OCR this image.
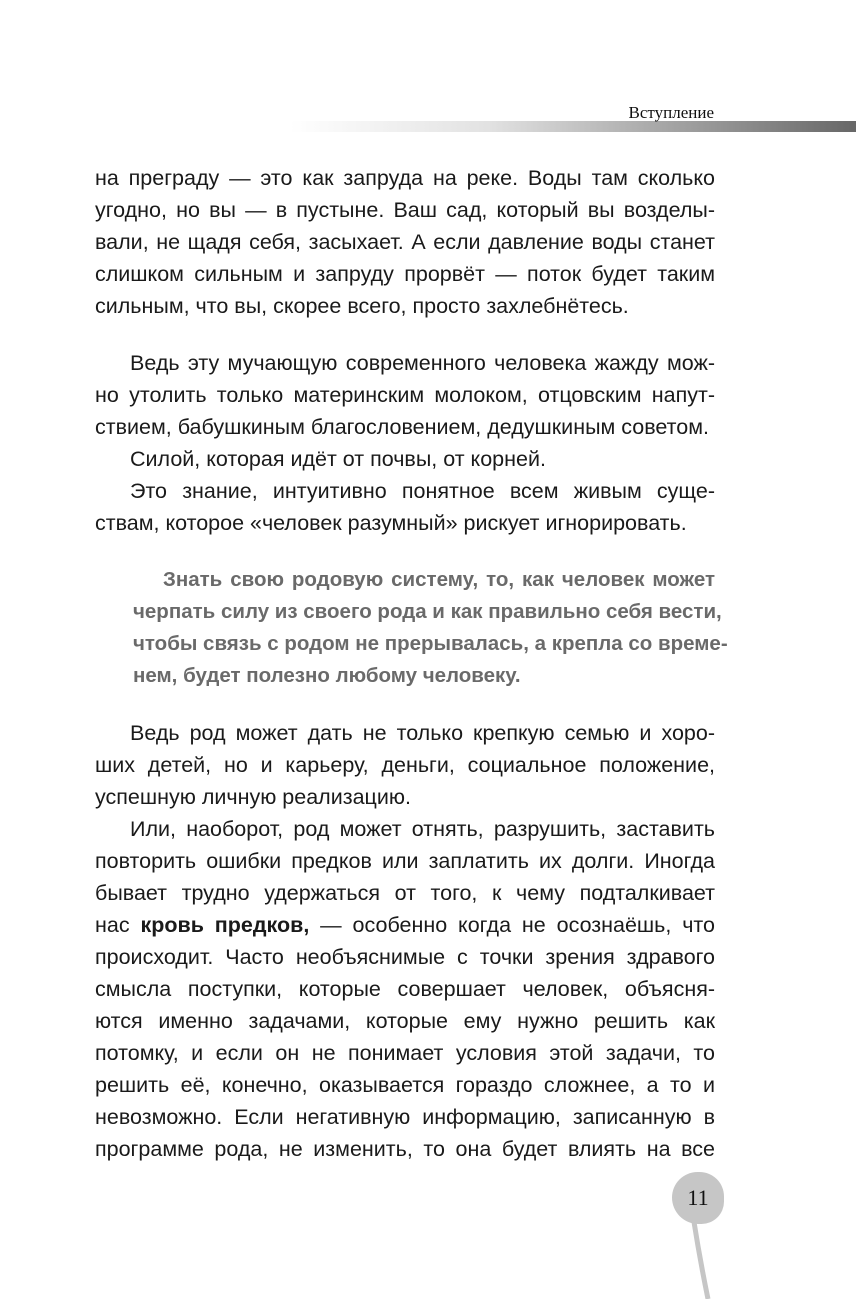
Вступление
на преграду — это как запруда на реке. Воды там сколько
угодно, но вы — в пустыне. Ваш сад, который вы возделы-
вали, не щадя себя, засыхает. А если давление воды станет
слишком сильным и запруду прорвёт — поток будет таким
сильным, что вы, скорее всего, просто захлебнётесь.
Ведь эту мучающую современного человека жажду мож-
но утолить только материнским молоком, отцовским напут-
ствием, бабушкиным благословением, дедушкиным советом.
Силой, которая идёт от почвы, от корней.
Это знание, интуитивно понятное всем живым суще-
ствам, которое «человек разумный» рискует игнорировать.
Знать свою родовую систему, то, как человек может
черпать силу из своего рода и как правильно себя вести,
чтобы связь с родом не прерывалась, а крепла со време-
нем, будет полезно любому человеку.
Ведь род может дать не только крепкую семью и хоро-
ших детей, но и карьеру, деньги, социальное положение,
успешную личную реализацию.
Или, наоборот, род может отнять, разрушить, заставить
повторить ошибки предков или заплатить их долги. Иногда
бывает трудно удержаться от того, к чему подталкивает
нас кровь предков, — особенно когда не осознаёшь, что
происходит. Часто необъяснимые с точки зрения здравого
смысла поступки, которые совершает человек, объясня-
ются именно задачами, которые ему нужно решить как
потомку, и если он не понимает условия этой задачи, то
решить её, конечно, оказывается гораздо сложнее, а то и
невозможно. Если негативную информацию, записанную в
программе рода, не изменить, то она будет влиять на все
11
